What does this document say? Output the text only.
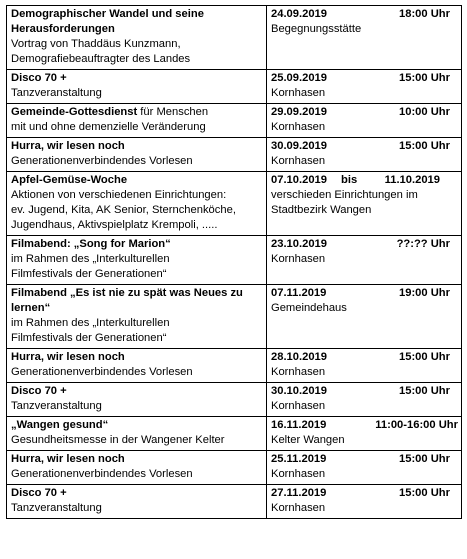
Demographischer Wandel und seine
Herausforderungen
Vortrag von Thaddäus Kunzmann,
Demografiebeauftragter des Landes	24.09.2019 18:00 Uhr
Begegnungsstätte

Disco 70 +
Tanzveranstaltung	25.09.2019 15:00 Uhr
Kornhasen

Gemeinde-Gottesdienst für Menschen
mit und ohne demenzielle Veränderung	29.09.2019 10:00 Uhr
Kornhasen

Hurra, wir lesen noch
Generationenverbindendes Vorlesen	30.09.2019 15:00 Uhr
Kornhasen

Apfel-Gemüse-Woche
Aktionen von verschiedenen Einrichtungen:
ev. Jugend, Kita, AK Senior, Sternchenköche,
Jugendhaus, Aktivspielplatz Krempoli, .....	07.10.2019 bis 11.10.2019
verschieden Einrichtungen im
Stadtbezirk Wangen

Filmabend: „Song for Marion“
im Rahmen des „Interkulturellen
Filmfestivals der Generationen“	23.10.2019 ??:?? Uhr
Kornhasen

Filmabend „Es ist nie zu spät was Neues zu
lernen“
im Rahmen des „Interkulturellen
Filmfestivals der Generationen“	07.11.2019 19:00 Uhr
Gemeindehaus

Hurra, wir lesen noch
Generationenverbindendes Vorlesen	28.10.2019 15:00 Uhr
Kornhasen

Disco 70 +
Tanzveranstaltung	30.10.2019 15:00 Uhr
Kornhasen

„Wangen gesund“
Gesundheitsmesse in der Wangener Kelter	16.11.2019 11:00-16:00 Uhr
Kelter Wangen

Hurra, wir lesen noch
Generationenverbindendes Vorlesen	25.11.2019 15:00 Uhr
Kornhasen

Disco 70 +
Tanzveranstaltung	27.11.2019 15:00 Uhr
Kornhasen
